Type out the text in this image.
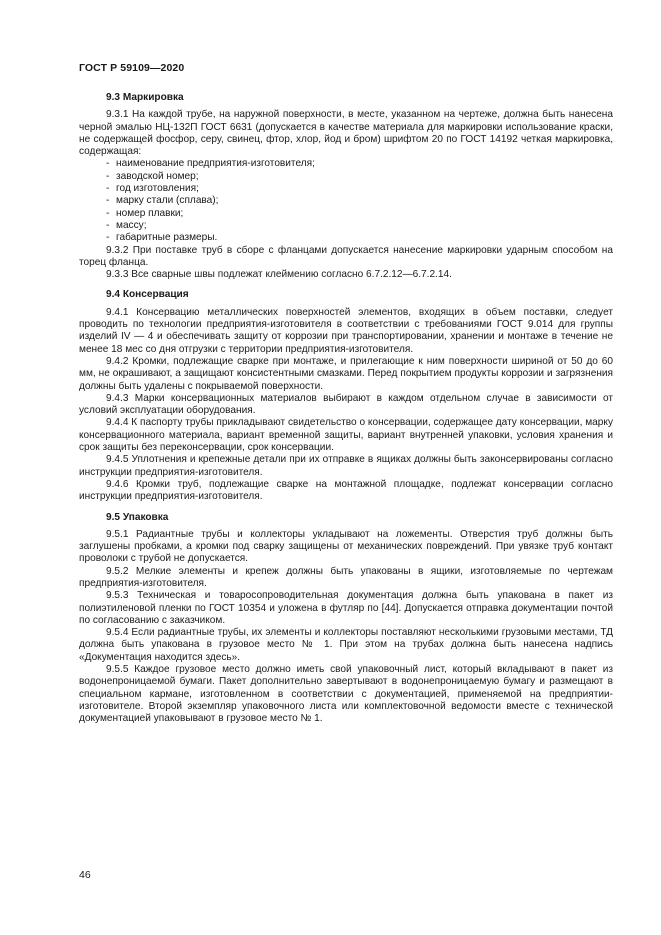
ГОСТ Р 59109—2020

9.3 Маркировка

9.3.1 На каждой трубе, на наружной поверхности, в месте, указанном на чертеже, должна быть нанесена черной эмалью НЦ-132П ГОСТ 6631 (допускается в качестве материала для маркировки использование краски, не содержащей фосфор, серу, свинец, фтор, хлор, йод и бром) шрифтом 20 по ГОСТ 14192 четкая маркировка, содержащая:

- наименование предприятия-изготовителя;
- заводской номер;
- год изготовления;
- марку стали (сплава);
- номер плавки;
- массу;
- габаритные размеры.

9.3.2 При поставке труб в сборе с фланцами допускается нанесение маркировки ударным способом на торец фланца.

9.3.3 Все сварные швы подлежат клеймению согласно 6.7.2.12—6.7.2.14.

9.4 Консервация

9.4.1 Консервацию металлических поверхностей элементов, входящих в объем поставки, следует проводить по технологии предприятия-изготовителя в соответствии с требованиями ГОСТ 9.014 для группы изделий IV — 4 и обеспечивать защиту от коррозии при транспортировании, хранении и монтаже в течение не менее 18 мес со дня отгрузки с территории предприятия-изготовителя.

9.4.2 Кромки, подлежащие сварке при монтаже, и прилегающие к ним поверхности шириной от 50 до 60 мм, не окрашивают, а защищают консистентными смазками. Перед покрытием продукты коррозии и загрязнения должны быть удалены с покрываемой поверхности.

9.4.3 Марки консервационных материалов выбирают в каждом отдельном случае в зависимости от условий эксплуатации оборудования.

9.4.4 К паспорту трубы прикладывают свидетельство о консервации, содержащее дату консервации, марку консервационного материала, вариант временной защиты, вариант внутренней упаковки, условия хранения и срок защиты без переконсервации, срок консервации.

9.4.5 Уплотнения и крепежные детали при их отправке в ящиках должны быть законсервированы согласно инструкции предприятия-изготовителя.

9.4.6 Кромки труб, подлежащие сварке на монтажной площадке, подлежат консервации согласно инструкции предприятия-изготовителя.

9.5 Упаковка

9.5.1 Радиантные трубы и коллекторы укладывают на ложементы. Отверстия труб должны быть заглушены пробками, а кромки под сварку защищены от механических повреждений. При увязке труб контакт проволоки с трубой не допускается.

9.5.2 Мелкие элементы и крепеж должны быть упакованы в ящики, изготовляемые по чертежам предприятия-изготовителя.

9.5.3 Техническая и товаросопроводительная документация должна быть упакована в пакет из полиэтиленовой пленки по ГОСТ 10354 и уложена в футляр по [44]. Допускается отправка документации почтой по согласованию с заказчиком.

9.5.4 Если радиантные трубы, их элементы и коллекторы поставляют несколькими грузовыми местами, ТД должна быть упакована в грузовое место № 1. При этом на трубах должна быть нанесена надпись «Документация находится здесь».

9.5.5 Каждое грузовое место должно иметь свой упаковочный лист, который вкладывают в пакет из водонепроницаемой бумаги. Пакет дополнительно завертывают в водонепроницаемую бумагу и размещают в специальном кармане, изготовленном в соответствии с документацией, применяемой на предприятии-изготовителе. Второй экземпляр упаковочного листа или комплектовочной ведомости вместе с технической документацией упаковывают в грузовое место № 1.

46
